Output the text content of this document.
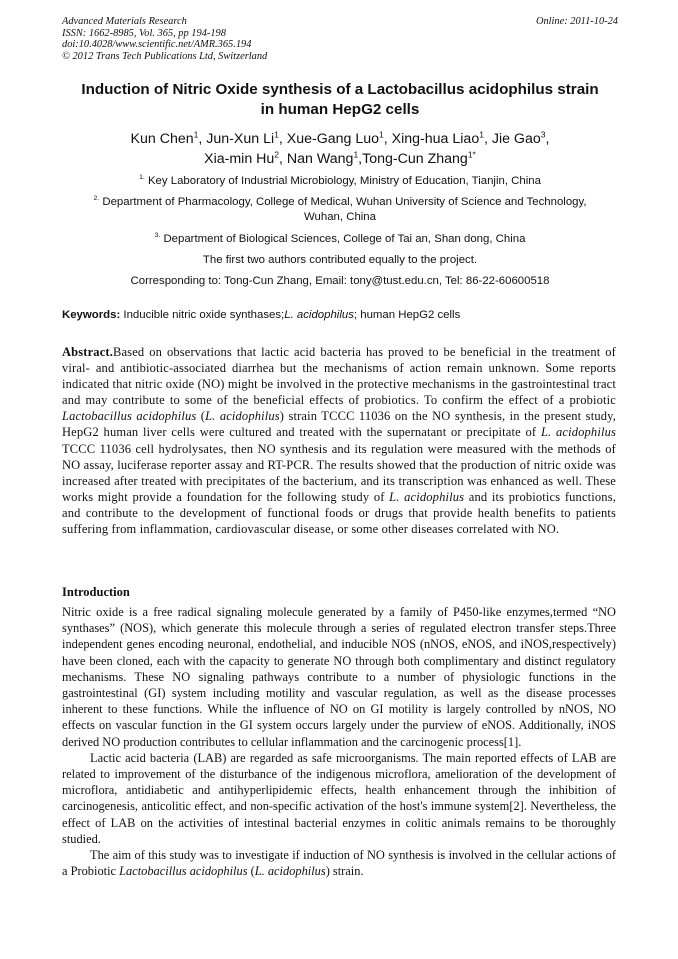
Advanced Materials Research
ISSN: 1662-8985, Vol. 365, pp 194-198
doi:10.4028/www.scientific.net/AMR.365.194
© 2012 Trans Tech Publications Ltd, Switzerland
Online: 2011-10-24
Induction of Nitric Oxide synthesis of a Lactobacillus acidophilus strain
in human HepG2 cells
Kun Chen$^1$, Jun-Xun Li$^1$, Xue-Gang Luo$^1$, Xing-hua Liao$^1$, Jie Gao$^3$,
Xia-min Hu$^2$, Nan Wang$^1$,Tong-Cun Zhang$^{1*}$
$^{1.}$ Key Laboratory of Industrial Microbiology, Ministry of Education, Tianjin, China
$^{2.}$ Department of Pharmacology, College of Medical, Wuhan University of Science and Technology,
Wuhan, China
$^{3.}$ Department of Biological Sciences, College of Tai an, Shan dong, China
The first two authors contributed equally to the project.
Corresponding to: Tong-Cun Zhang, Email: tony@tust.edu.cn, Tel: 86-22-60600518
Keywords: Inducible nitric oxide synthases;L. acidophilus; human HepG2 cells
Abstract.Based on observations that lactic acid bacteria has proved to be beneficial in the treatment of viral- and antibiotic-associated diarrhea but the mechanisms of action remain unknown. Some reports indicated that nitric oxide (NO) might be involved in the protective mechanisms in the gastrointestinal tract and may contribute to some of the beneficial effects of probiotics. To confirm the effect of a probiotic Lactobacillus acidophilus (L. acidophilus) strain TCCC 11036 on the NO synthesis, in the present study, HepG2 human liver cells were cultured and treated with the supernatant or precipitate of L. acidophilus TCCC 11036 cell hydrolysates, then NO synthesis and its regulation were measured with the methods of NO assay, luciferase reporter assay and RT-PCR. The results showed that the production of nitric oxide was increased after treated with precipitates of the bacterium, and its transcription was enhanced as well. These works might provide a foundation for the following study of L. acidophilus and its probiotics functions, and contribute to the development of functional foods or drugs that provide health benefits to patients suffering from inflammation, cardiovascular disease, or some other diseases correlated with NO.
Introduction

Nitric oxide is a free radical signaling molecule generated by a family of P450-like enzymes,termed “NO synthases” (NOS), which generate this molecule through a series of regulated electron transfer steps.Three independent genes encoding neuronal, endothelial, and inducible NOS (nNOS, eNOS, and iNOS,respectively) have been cloned, each with the capacity to generate NO through both complimentary and distinct regulatory mechanisms. These NO signaling pathways contribute to a number of physiologic functions in the gastrointestinal (GI) system including motility and vascular regulation, as well as the disease processes inherent to these functions. While the influence of NO on GI motility is largely controlled by nNOS, NO effects on vascular function in the GI system occurs largely under the purview of eNOS. Additionally, iNOS derived NO production contributes to cellular inflammation and the carcinogenic process[1].

Lactic acid bacteria (LAB) are regarded as safe microorganisms. The main reported effects of LAB are related to improvement of the disturbance of the indigenous microflora, amelioration of the development of microflora, antidiabetic and antihyperlipidemic effects, health enhancement through the inhibition of carcinogenesis, anticolitic effect, and non-specific activation of the host's immune system[2]. Nevertheless, the effect of LAB on the activities of intestinal bacterial enzymes in colitic animals remains to be thoroughly studied.

The aim of this study was to investigate if induction of NO synthesis is involved in the cellular actions of a Probiotic Lactobacillus acidophilus (L. acidophilus) strain.
